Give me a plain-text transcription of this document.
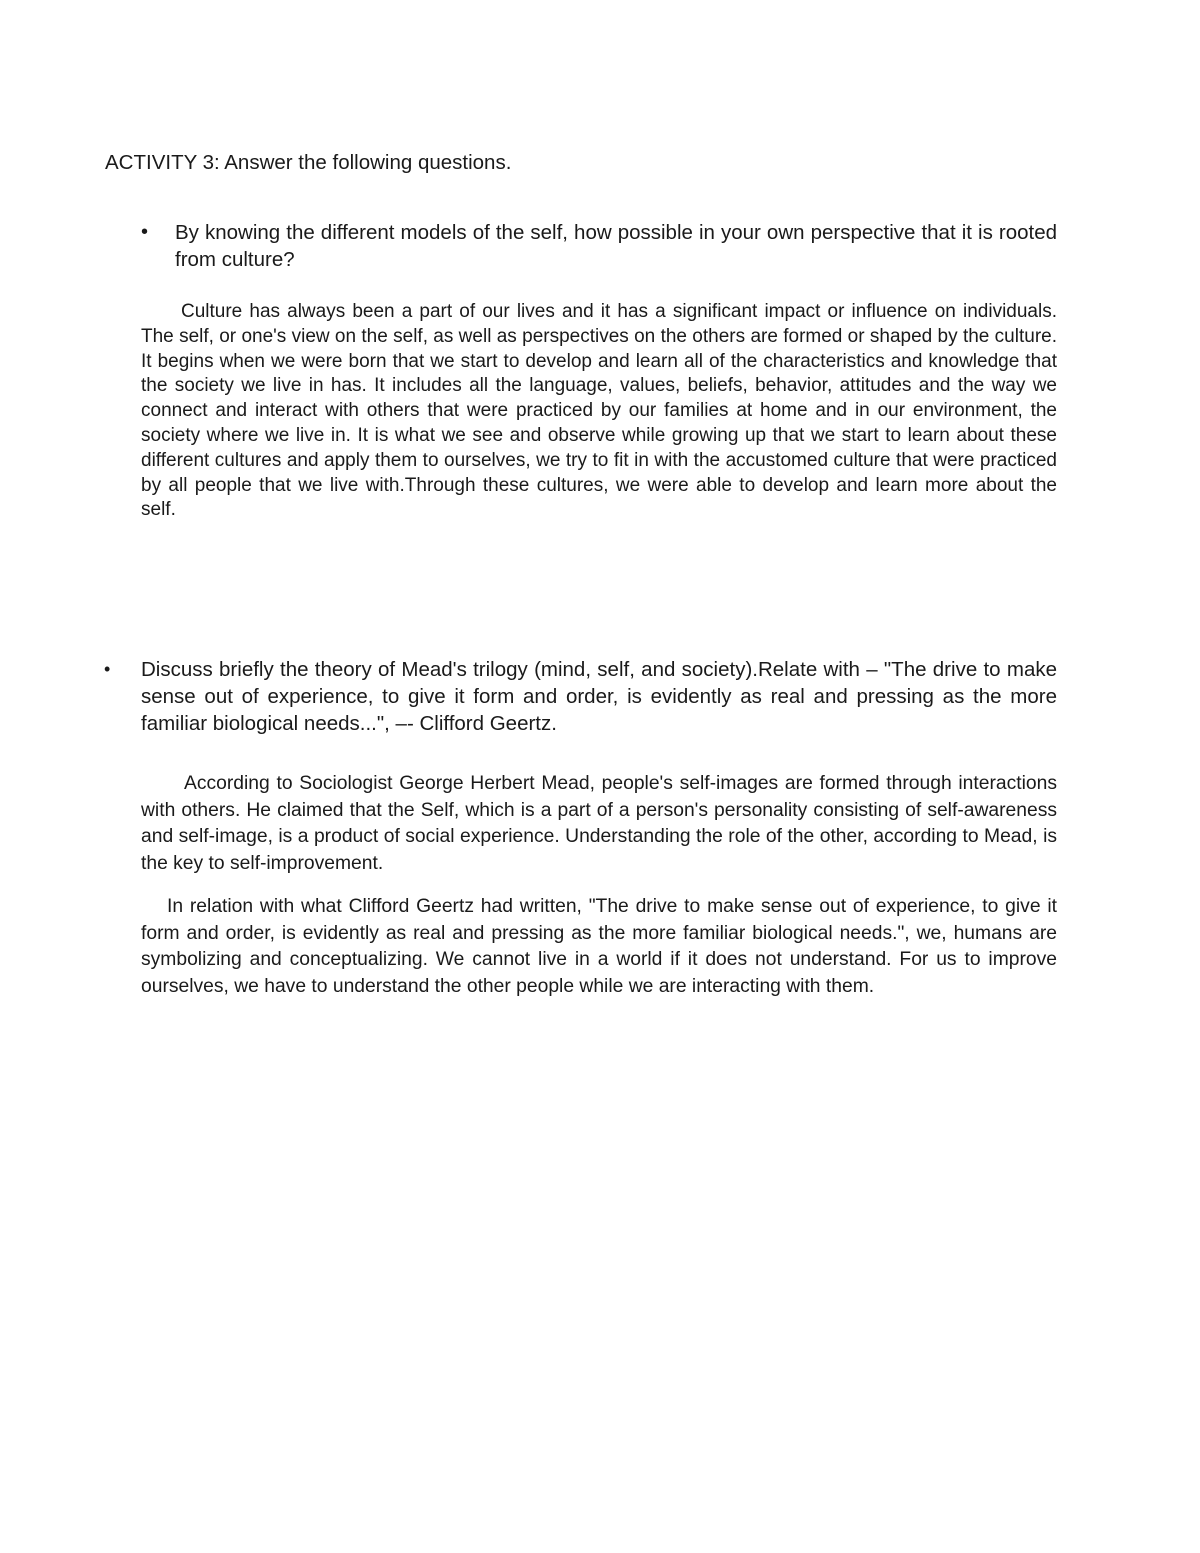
ACTIVITY 3: Answer the following questions.
• By knowing the different models of the self, how possible in your own perspective that it is rooted from culture?

Culture has always been a part of our lives and it has a significant impact or influence on individuals. The self, or one's view on the self, as well as perspectives on the others are formed or shaped by the culture. It begins when we were born that we start to develop and learn all of the characteristics and knowledge that the society we live in has. It includes all the language, values, beliefs, behavior, attitudes and the way we connect and interact with others that were practiced by our families at home and in our environment, the society where we live in. It is what we see and observe while growing up that we start to learn about these different cultures and apply them to ourselves, we try to fit in with the accustomed culture that were practiced by all people that we live with.Through these cultures, we were able to develop and learn more about the self.

• Discuss briefly the theory of Mead's trilogy (mind, self, and society).Relate with – "The drive to make sense out of experience, to give it form and order, is evidently as real and pressing as the more familiar biological needs...", –- Clifford Geertz.

According to Sociologist George Herbert Mead, people's self-images are formed through interactions with others. He claimed that the Self, which is a part of a person's personality consisting of self-awareness and self-image, is a product of social experience. Understanding the role of the other, according to Mead, is the key to self-improvement.

In relation with what Clifford Geertz had written, "The drive to make sense out of experience, to give it form and order, is evidently as real and pressing as the more familiar biological needs.", we, humans are symbolizing and conceptualizing. We cannot live in a world if it does not understand. For us to improve ourselves, we have to understand the other people while we are interacting with them.
